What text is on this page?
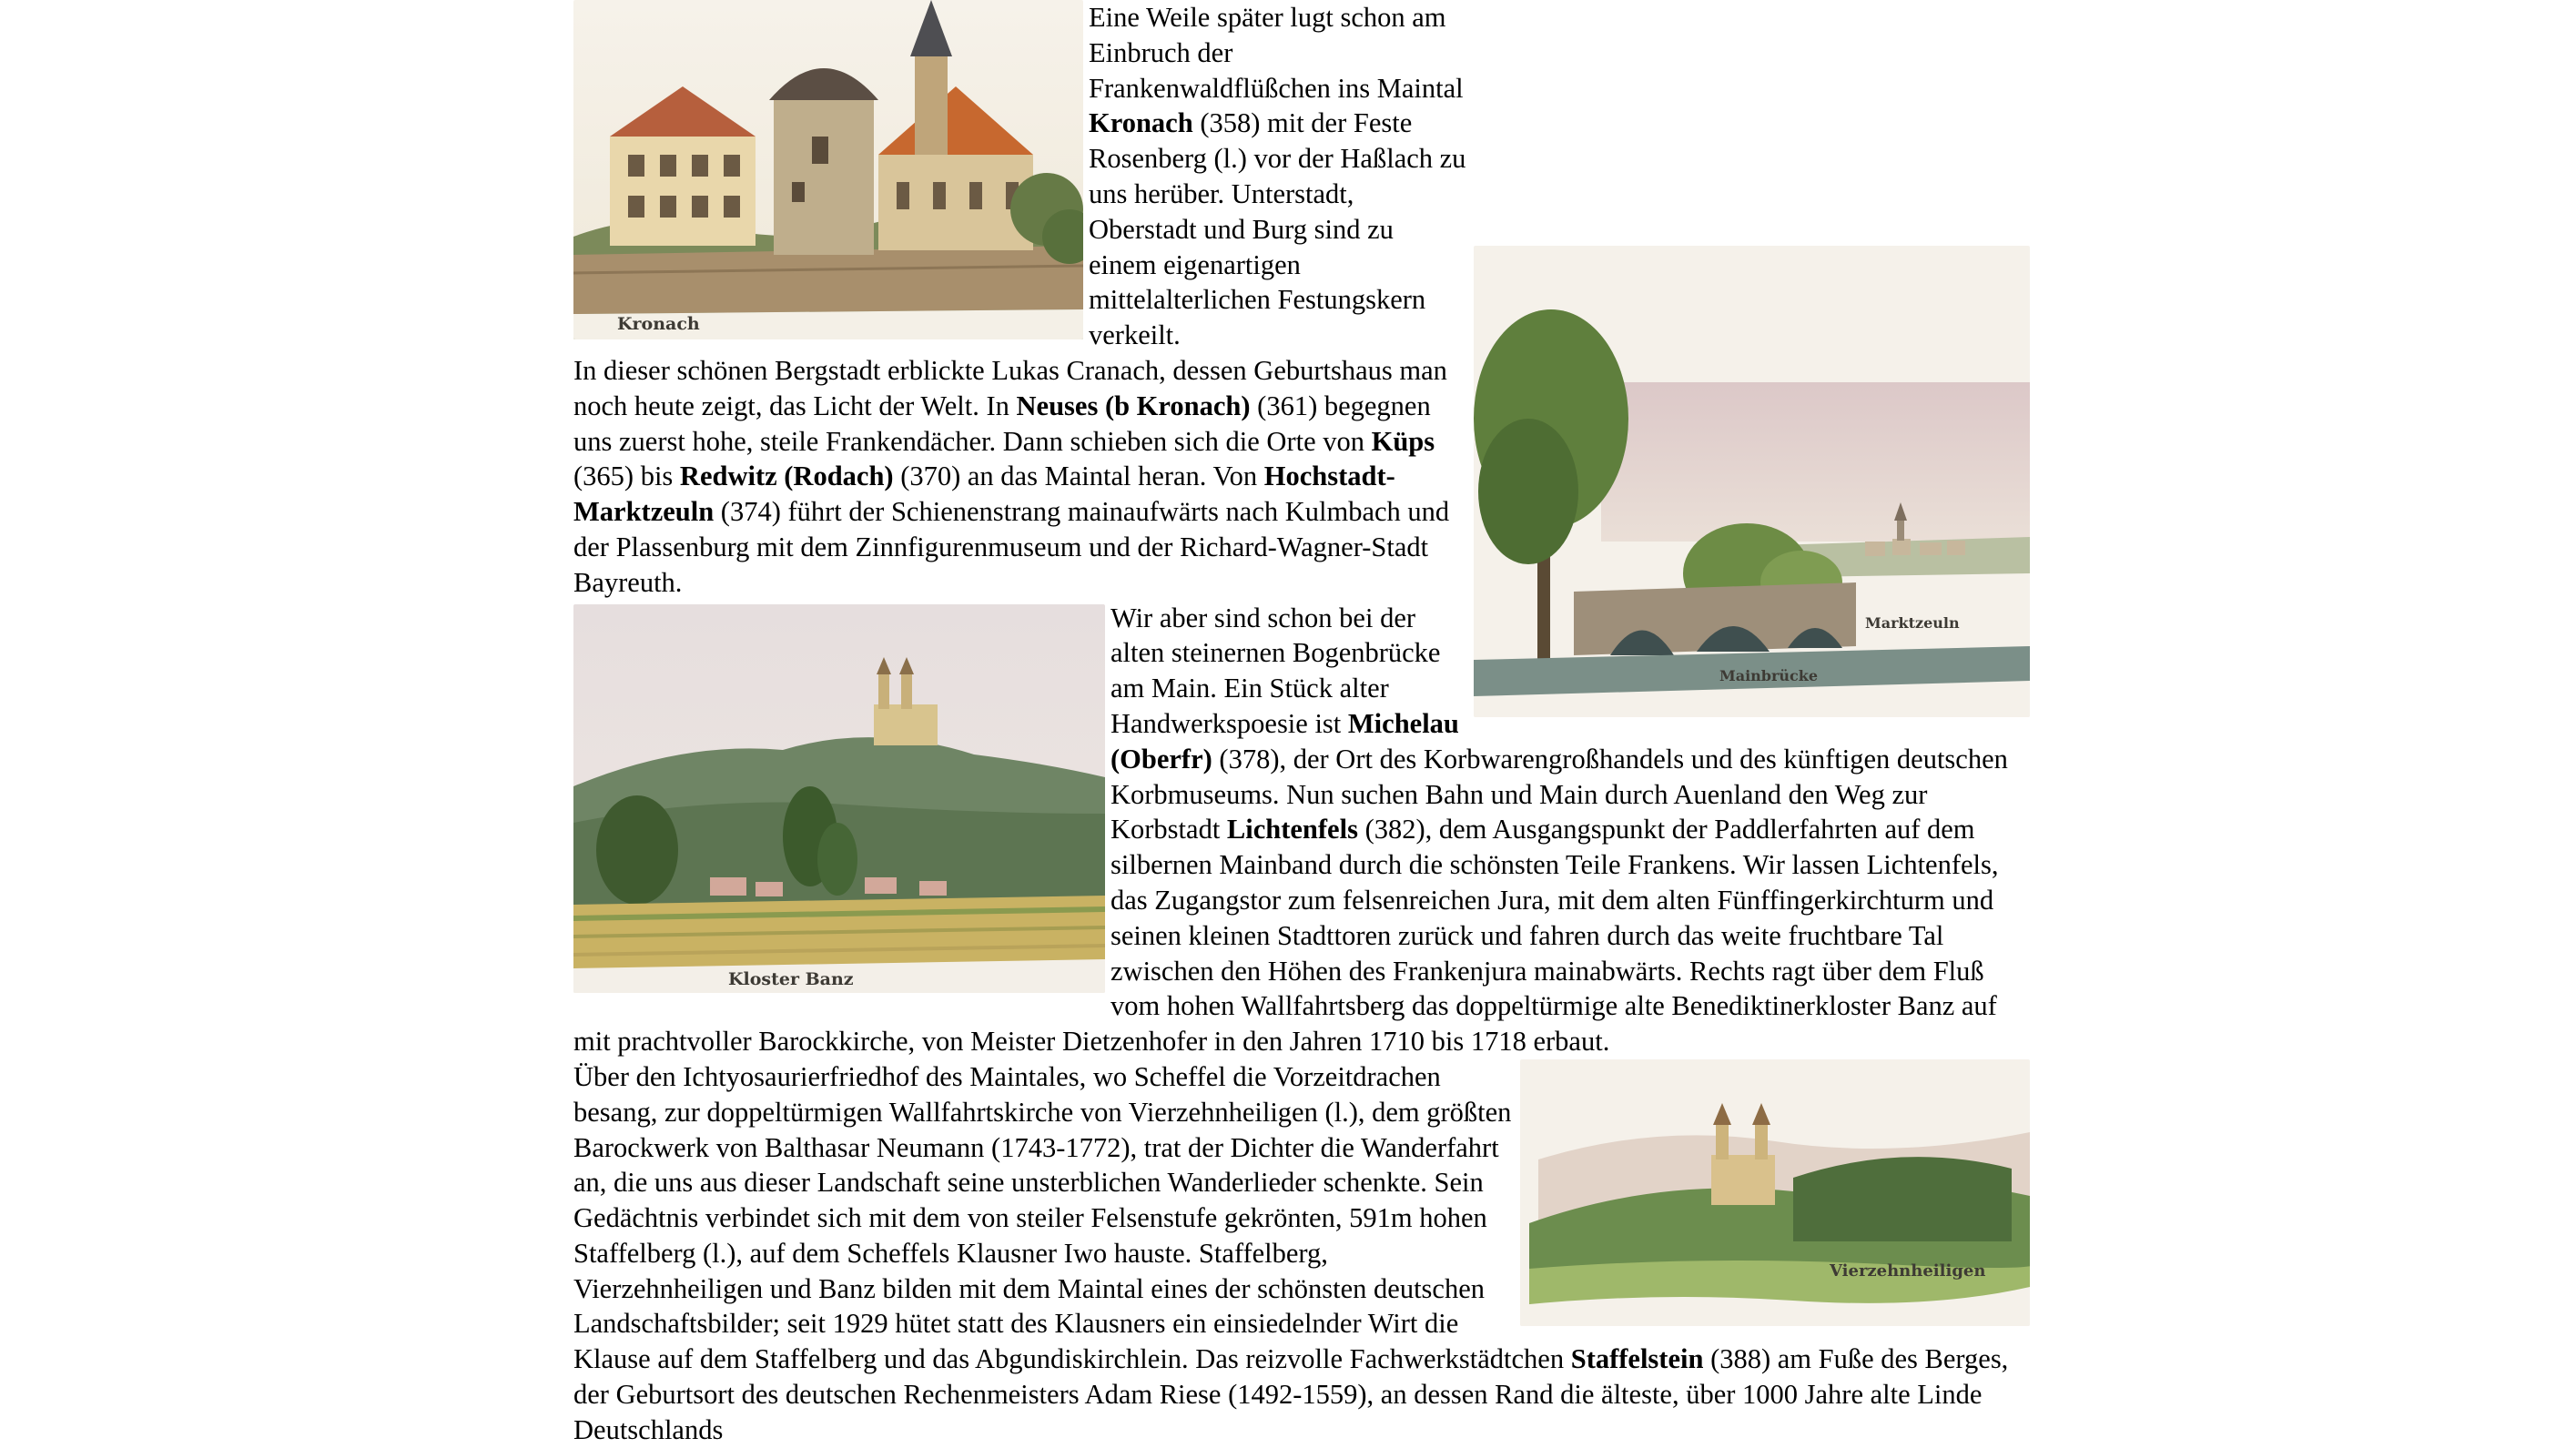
Kronach
Marktzeuln
Mainbrücke

Eine Weile später lugt schon am Einbruch der Frankenwaldflüßchen ins Maintal Kronach (358) mit der Feste Rosenberg (l.) vor der Haßlach zu uns herüber. Unterstadt, Oberstadt und Burg sind zu einem eigenartigen mittelalterlichen Festungskern verkeilt.

In dieser schönen Bergstadt erblickte Lukas Cranach, dessen Geburtshaus man noch heute zeigt, das Licht der Welt. In Neuses (b Kronach) (361) begegnen uns zuerst hohe, steile Frankendächer. Dann schieben sich die Orte von Küps (365) bis Redwitz (Rodach) (370) an das Maintal heran. Von Hochstadt-Marktzeuln (374) führt der Schienenstrang mainaufwärts nach Kulmbach und der Plassenburg mit dem Zinnfigurenmuseum und der Richard-Wagner-Stadt Bayreuth.

Kloster Banz
Wir aber sind schon bei der alten steinernen Bogenbrücke am Main. Ein Stück alter Handwerkspoesie ist Michelau (Oberfr) (378), der Ort des Korbwarengroßhandels und des künftigen deutschen Korbmuseums. Nun suchen Bahn und Main durch Auenland den Weg zur Korbstadt Lichtenfels (382), dem Ausgangspunkt der Paddlerfahrten auf dem silbernen Mainband durch die schönsten Teile Frankens. Wir lassen Lichtenfels, das Zugangstor zum felsenreichen Jura, mit dem alten Fünffingerkirchturm und seinen kleinen Stadttoren zurück und fahren durch das weite fruchtbare Tal zwischen den Höhen des Frankenjura mainabwärts. Rechts ragt über dem Fluß vom hohen Wallfahrtsberg das doppeltürmige alte Benediktinerkloster Banz auf mit prachtvoller Barockkirche, von Meister Dietzenhofer in den Jahren 1710 bis 1718 erbaut.

Vierzehnheiligen
Über den Ichtyosaurierfriedhof des Maintales, wo Scheffel die Vorzeitdrachen besang, zur doppeltürmigen Wallfahrtskirche von Vierzehnheiligen (l.), dem größten Barockwerk von Balthasar Neumann (1743-1772), trat der Dichter die Wanderfahrt an, die uns aus dieser Landschaft seine unsterblichen Wanderlieder schenkte. Sein Gedächtnis verbindet sich mit dem von steiler Felsenstufe gekrönten, 591m hohen Staffelberg (l.), auf dem Scheffels Klausner Iwo hauste. Staffelberg, Vierzehnheiligen und Banz bilden mit dem Maintal eines der schönsten deutschen Landschaftsbilder; seit 1929 hütet statt des Klausners ein einsiedelnder Wirt die Klause auf dem Staffelberg und das Abgundiskirchlein. Das reizvolle Fachwerkstädtchen Staffelstein (388) am Fuße des Berges, der Geburtsort des deutschen Rechenmeisters Adam Riese (1492-1559), an dessen Rand die älteste, über 1000 Jahre alte Linde Deutschlands
